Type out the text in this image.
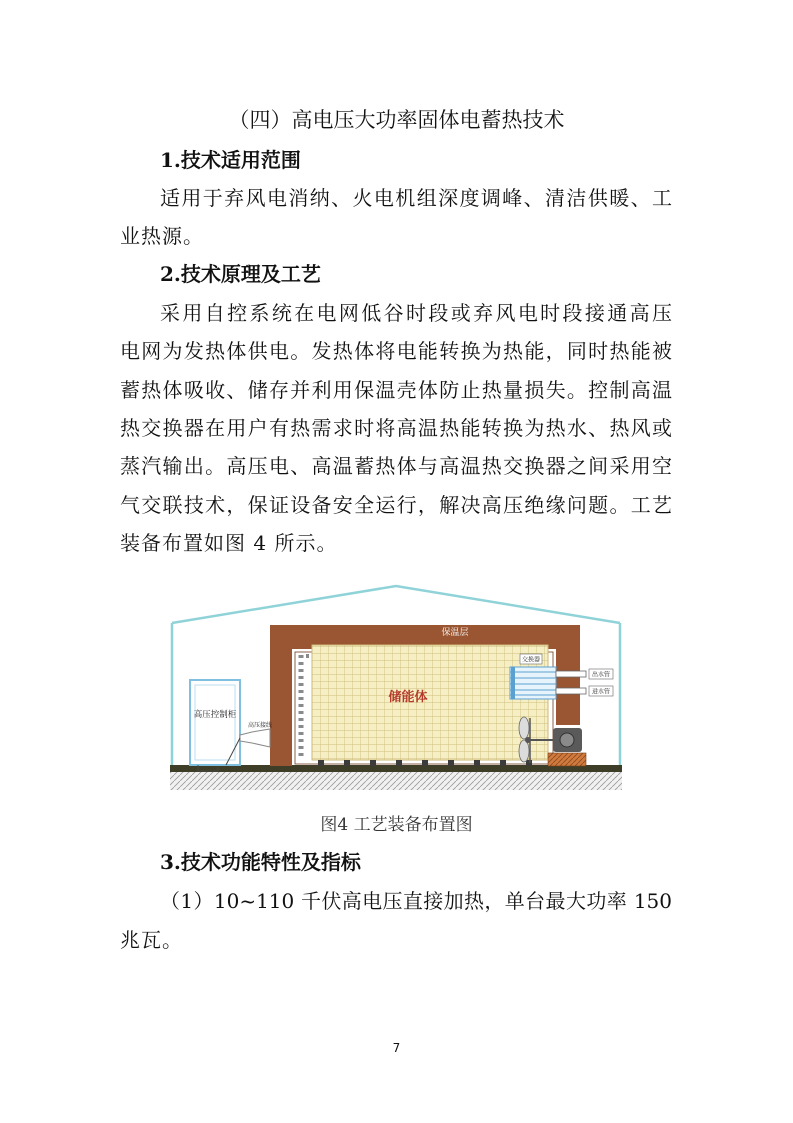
（四）高电压大功率固体电蓄热技术
1.技术适用范围
适用于弃风电消纳、火电机组深度调峰、清洁供暖、工
业热源。
2.技术原理及工艺
采用自控系统在电网低谷时段或弃风电时段接通高压
电网为发热体供电。发热体将电能转换为热能，同时热能被
蓄热体吸收、储存并利用保温壳体防止热量损失。控制高温
热交换器在用户有热需求时将高温热能转换为热水、热风或
蒸汽输出。高压电、高温蓄热体与高温热交换器之间采用空
气交联技术，保证设备安全运行，解决高压绝缘问题。工艺
装备布置如图 4 所示。
保温层
储能体
高压控制柜
高压接线
交换器
出水管
进水管
图4 工艺装备布置图
3.技术功能特性及指标
（1）10~110 千伏高电压直接加热，单台最大功率 150
兆瓦。
7
